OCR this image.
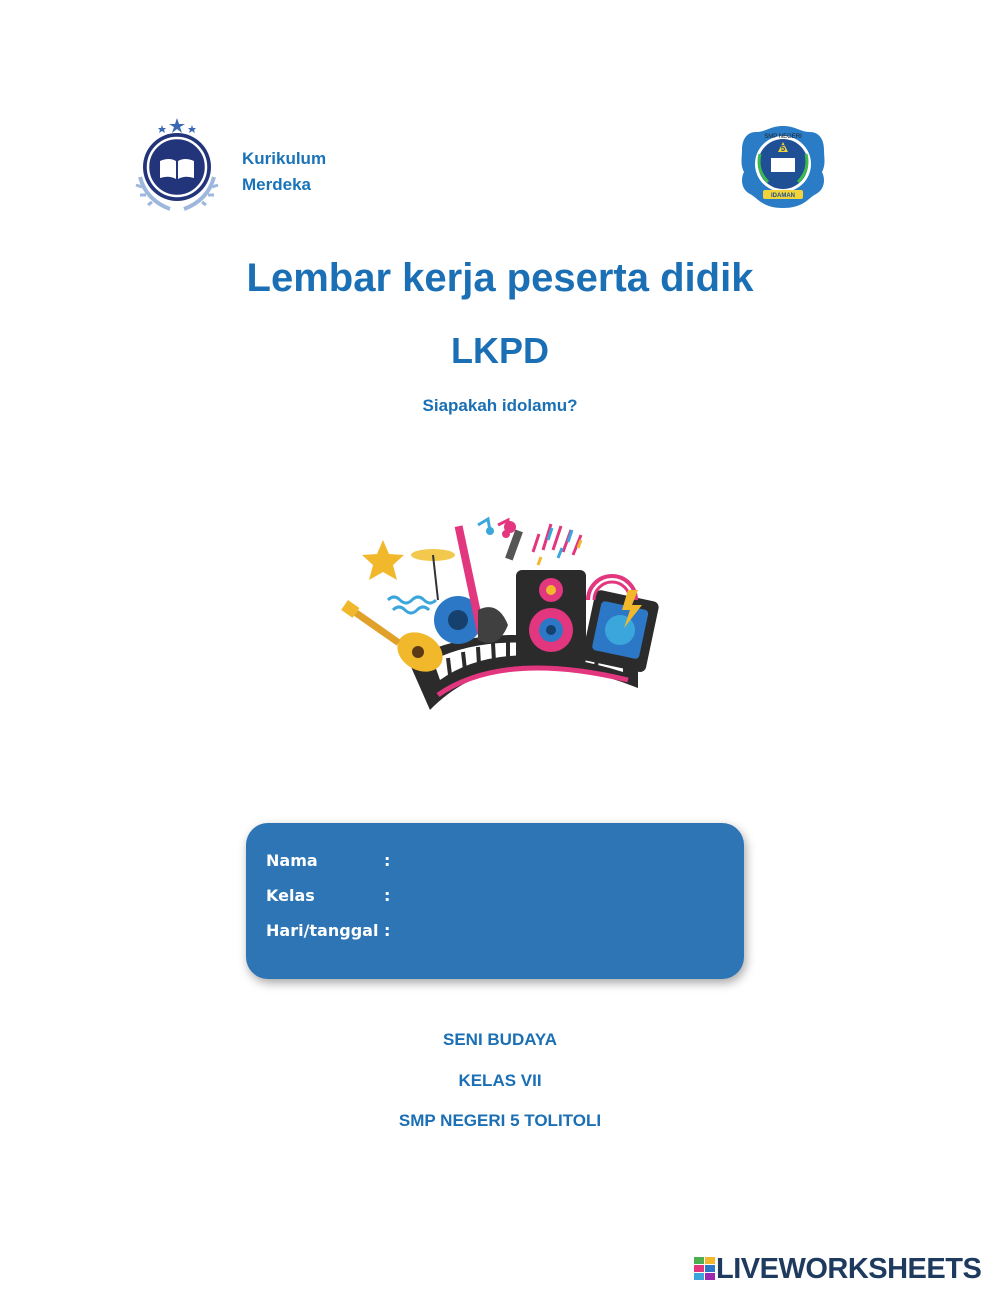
Kurikulum
Merdeka
SMP NEGERI
5
IDAMAN
Lembar kerja peserta didik
LKPD
Siapakah idolamu?
Nama	:
Kelas	:
Hari/tanggal :
SENI BUDAYA
KELAS VII
SMP NEGERI 5 TOLITOLI
LIVEWORKSHEETS
